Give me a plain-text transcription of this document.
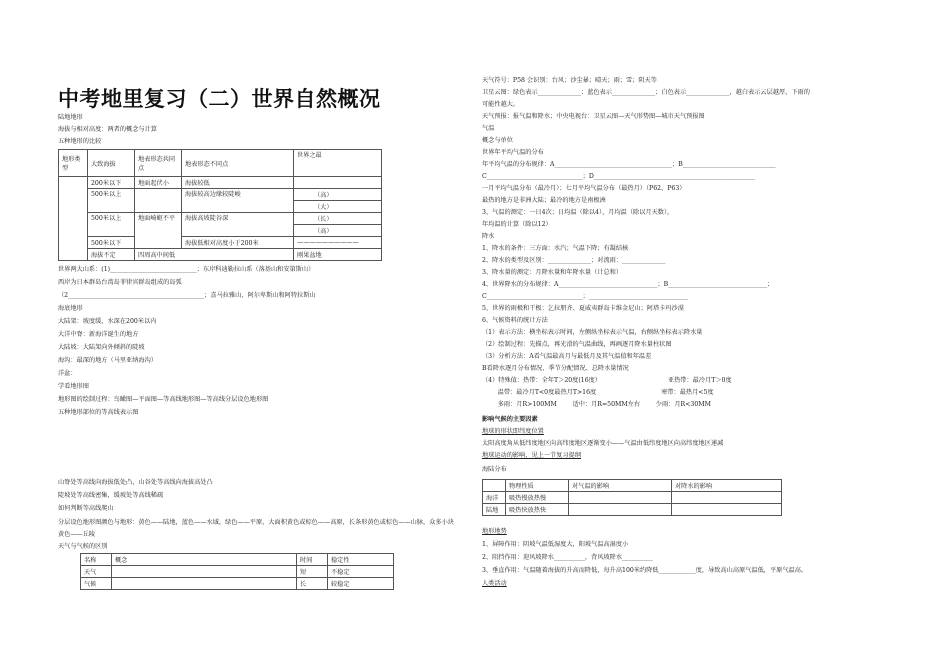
中考地里复习（二）世界自然概况
陆地地形
海拔与相对高度：两者的概念与计算
五种地形的比较
地形类型	大致海拔	地表形态共同点	地表形态不同点	世界之最
	200米以下	地面起伏小	海拔较低	
	500米以上		海拔较高边缘较陡峻	（高）
				（大）
	500米以上	地面崎岖不平	海拔高坡陡谷深	（长）
				（高）
	500米以下		海拔低相对高度小于200米	——————————
	海拔不定	四周高中间低		刚果盆地
世界两大山系：(1)____________________________；东岸科迪勒拉山系（落基山和安第斯山）
西岸为日本群岛台湾岛菲律宾群岛组成的岛弧
（2____________________________________________；喜马拉雅山、阿尔卑斯山和阿特拉斯山
海底地形
大陆架：坡度缓，水深在200米以内
大洋中脊：新海洋诞生的地方
大陆坡：大陆架向外倾斜的陡坡
海沟：最深的地方（马里亚纳海沟）
洋盆：
学看地形图
地形图的绘制过程：鸟瞰图—平面图—等高线地形图—等高线分层设色地形图
五种地形部位的等高线表示图
山脊处等高线向海拔低处凸，山谷处等高线向海拔高处凸
陡坡处等高线密集，缓坡处等高线稀疏
如何判断等高线爬山
分层设色地形图颜色与地形：黄色——陆地，蓝色——水域，绿色——平原，大面积黄色或棕色——高原，长条形黄色或棕色——山脉，众多小块黄色——丘陵
天气与气候的区别
名称	概念	时间	稳定性
天气		短	不稳定
气候		长	较稳定
天气符号：P58 会识别：台风；沙尘暴；晴天；雨；雪；阴天等
卫星云图：绿色表示______________；蓝色表示______________；白色表示______________，越白表示云层越厚，下雨的
可能性越大。
天气预报：报气温和降水；中央电视台：卫星云图—天气形势图—城市天气预报图
气温
概念与单位
世界年平均气温的分布
年平均气温的分布规律：A______________________________________；B______________________________
C_______________________________；D____________________________________________________
一月平均气温分布（最冷月）；七月平均气温分布（最热月）（P62、P63）
最热的地方是非洲大陆；最冷的地方是南极洲
3、气温的测定：一日4次；日均温（除以4），月均温（除以月天数），
年均温的计算（除以12）
降水
1、降水的条件：三方面：水汽；气温下降；有凝结核
2、降水的类型及区别：______________；对流雨：______________
3、降水量的测定：月降水量和年降水量（计总和）
4、世界降水的分布规律：A________________________________；B________________________________；
C_______________________________；________________________________
5、世界的雨极和干极：乞拉朋齐、夏威夷群岛卡维金尼山；阿塔卡玛沙漠
6、气候资料的统计方法
（1）表示方法：横坐标表示时间，左侧纵坐标表示气温，右侧纵坐标表示降水量
（2）绘制过程：先描点，再光滑的气温曲线，再画逐月降水量柱状图
（3）分析方法：A看气温最高月与最低月及其气温值和年温差
B看降水逐月分布情况、季节分配情况、总降水量情况
（4）特殊值：热带：全年T＞20度(16度）                                  亚热带：最冷月T＞0度
温带：最冷月T<0度最热月T>16度                                 寒带：最热月<5度
多雨：月R>100MM        适中：月R=50MM左右        少雨：月R<30MM
影响气候的主要因素
地球的形状即纬度位置
太阳高度角从低纬度地区向高纬度地区逐渐变小——气温由低纬度地区向高纬度地区递减
地球运动的影响，见上一节复习提纲
海陆分布
	物理性质	对气温的影响	对降水的影响
海洋	吸热慢放热慢		
陆地	吸热快放热快		
地形地势
1、屏障作用：阴坡气温低湿度大，阳坡气温高湿度小
2、阻挡作用：迎风坡降水__________，背风坡降水__________
3、垂直作用：气温随着海拔的升高而降低，每升高100米约降低____________度，导致高山高原气温低，平原气温高。
人类活动
